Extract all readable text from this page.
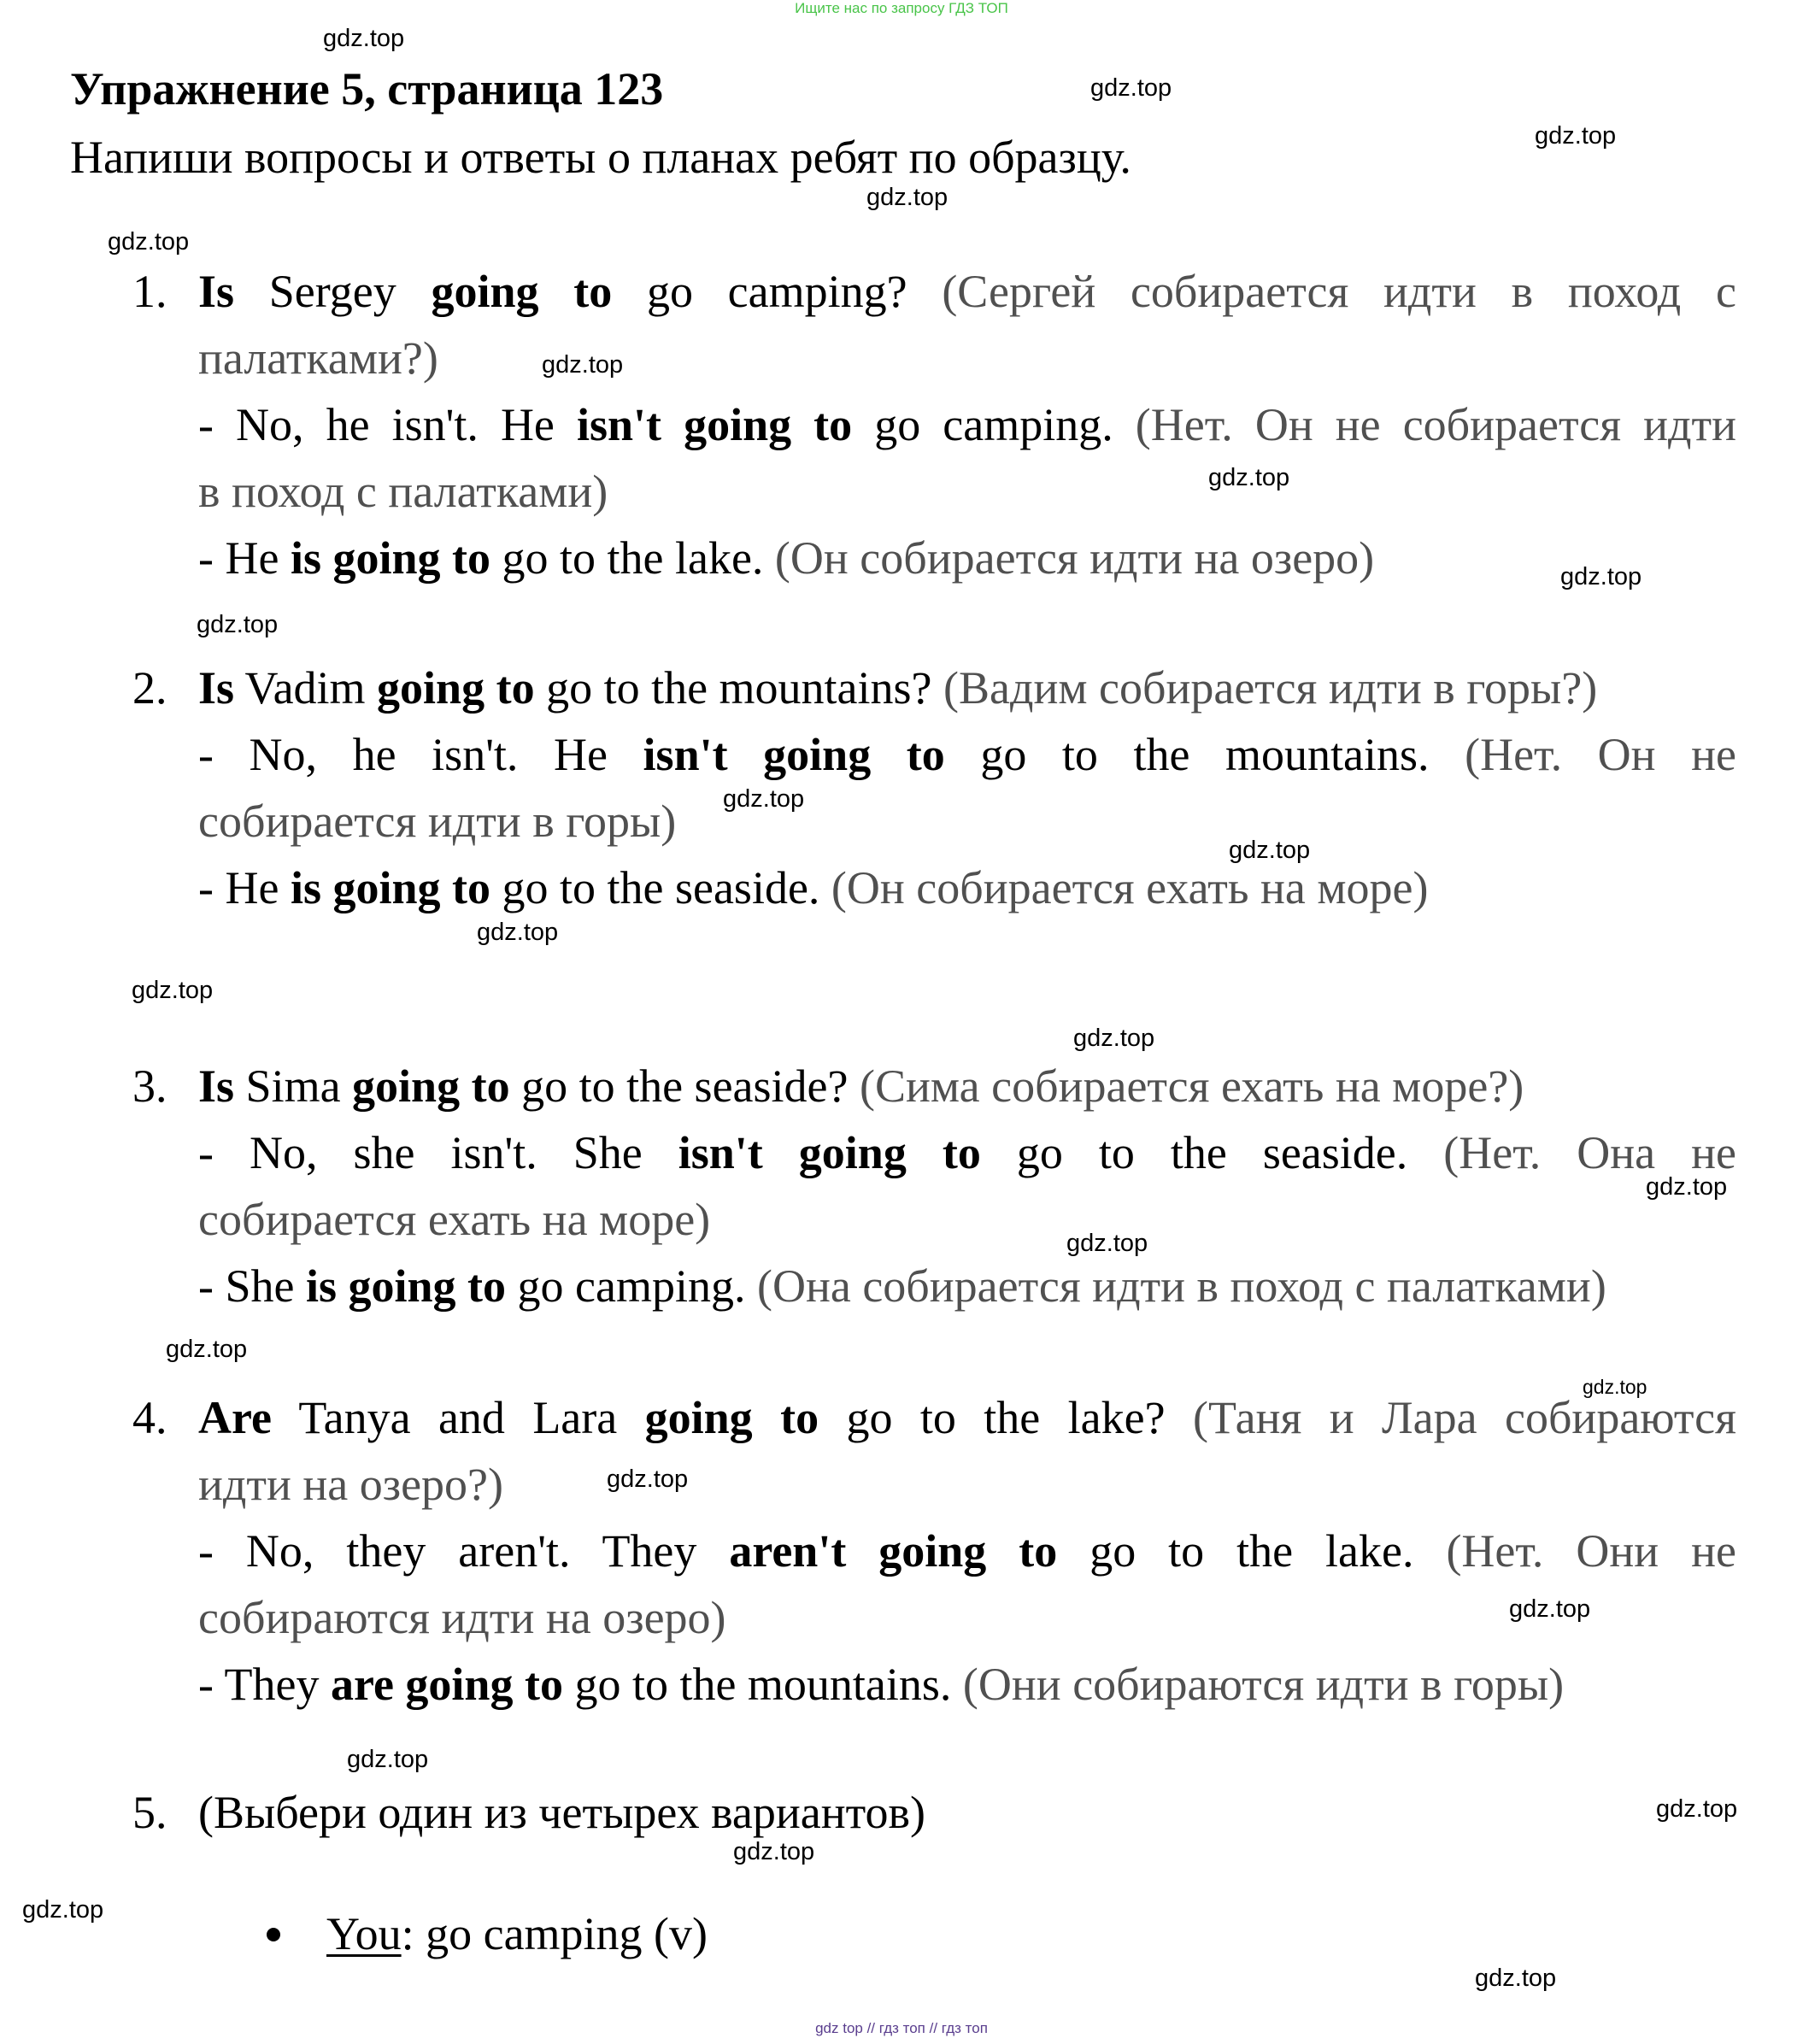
Ищите нас по запросу ГДЗ ТОП
Упражнение 5, страница 123
Напиши вопросы и ответы о планах ребят по образцу.
1. Is Sergey going to go camping? (Сергей собирается идти в поход с
палатками?)
- No, he isn't. He isn't going to go camping. (Нет. Он не собирается идти
в поход с палатками)
- He is going to go to the lake. (Он собирается идти на озеро)
2. Is Vadim going to go to the mountains? (Вадим собирается идти в горы?)
- No, he isn't. He isn't going to go to the mountains. (Нет. Он не
собирается идти в горы)
- He is going to go to the seaside. (Он собирается ехать на море)
3. Is Sima going to go to the seaside? (Сима собирается ехать на море?)
- No, she isn't. She isn't going to go to the seaside. (Нет. Она не
собирается ехать на море)
- She is going to go camping. (Она собирается идти в поход с палатками)
4. Are Tanya and Lara going to go to the lake? (Таня и Лара собираются
идти на озеро?)
- No, they aren't. They aren't going to go to the lake. (Нет. Они не
собираются идти на озеро)
- They are going to go to the mountains. (Они собираются идти в горы)
5. (Выбери один из четырех вариантов)
You: go camping (v)
gdz.top
gdz.top
gdz.top
gdz.top
gdz.top
gdz.top
gdz.top
gdz.top
gdz.top
gdz.top
gdz.top
gdz.top
gdz.top
gdz.top
gdz.top
gdz.top
gdz.top
gdz.top
gdz.top
gdz.top
gdz.top
gdz.top
gdz.top
gdz.top
gdz.top
gdz top // гдз топ // гдз топ
